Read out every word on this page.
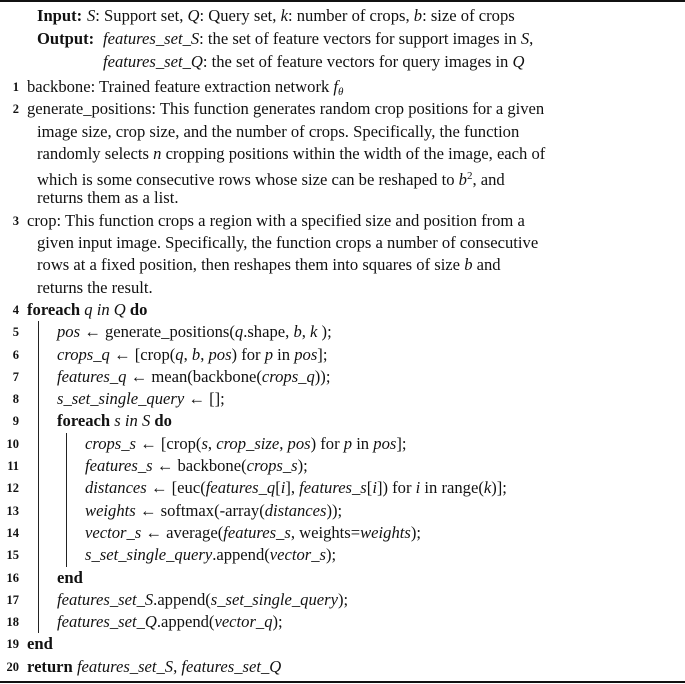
Input: S: Support set, Q: Query set, k: number of crops, b: size of crops
Output: features_set_S: the set of feature vectors for support images in S,
features_set_Q: the set of feature vectors for query images in Q
1 backbone: Trained feature extraction network $f_\theta$
2 generate_positions: This function generates random crop positions for a given
image size, crop size, and the number of crops. Specifically, the function
randomly selects n cropping positions within the width of the image, each of
which is some consecutive rows whose size can be reshaped to $b^2$, and
returns them as a list.
3 crop: This function crops a region with a specified size and position from a
given input image. Specifically, the function crops a number of consecutive
rows at a fixed position, then reshapes them into squares of size b and
returns the result.
4 foreach q in Q do
5 pos ← generate_positions(q.shape, b, k );
6 crops_q ← [crop(q, b, pos) for p in pos];
7 features_q ← mean(backbone(crops_q));
8 s_set_single_query ← [];
9 foreach s in S do
10	crops_s ← [crop(s, crop_size, pos) for p in pos];
11	features_s ← backbone(crops_s);
12	distances ← [euc(features_q[i], features_s[i]) for i in range(k)];
13	weights ← softmax(-array(distances));
14	vector_s ← average(features_s, weights=weights);
15	s_set_single_query.append(vector_s);
16 end
17 features_set_S.append(s_set_single_query);
18 features_set_Q.append(vector_q);
19 end
20 return features_set_S, features_set_Q
